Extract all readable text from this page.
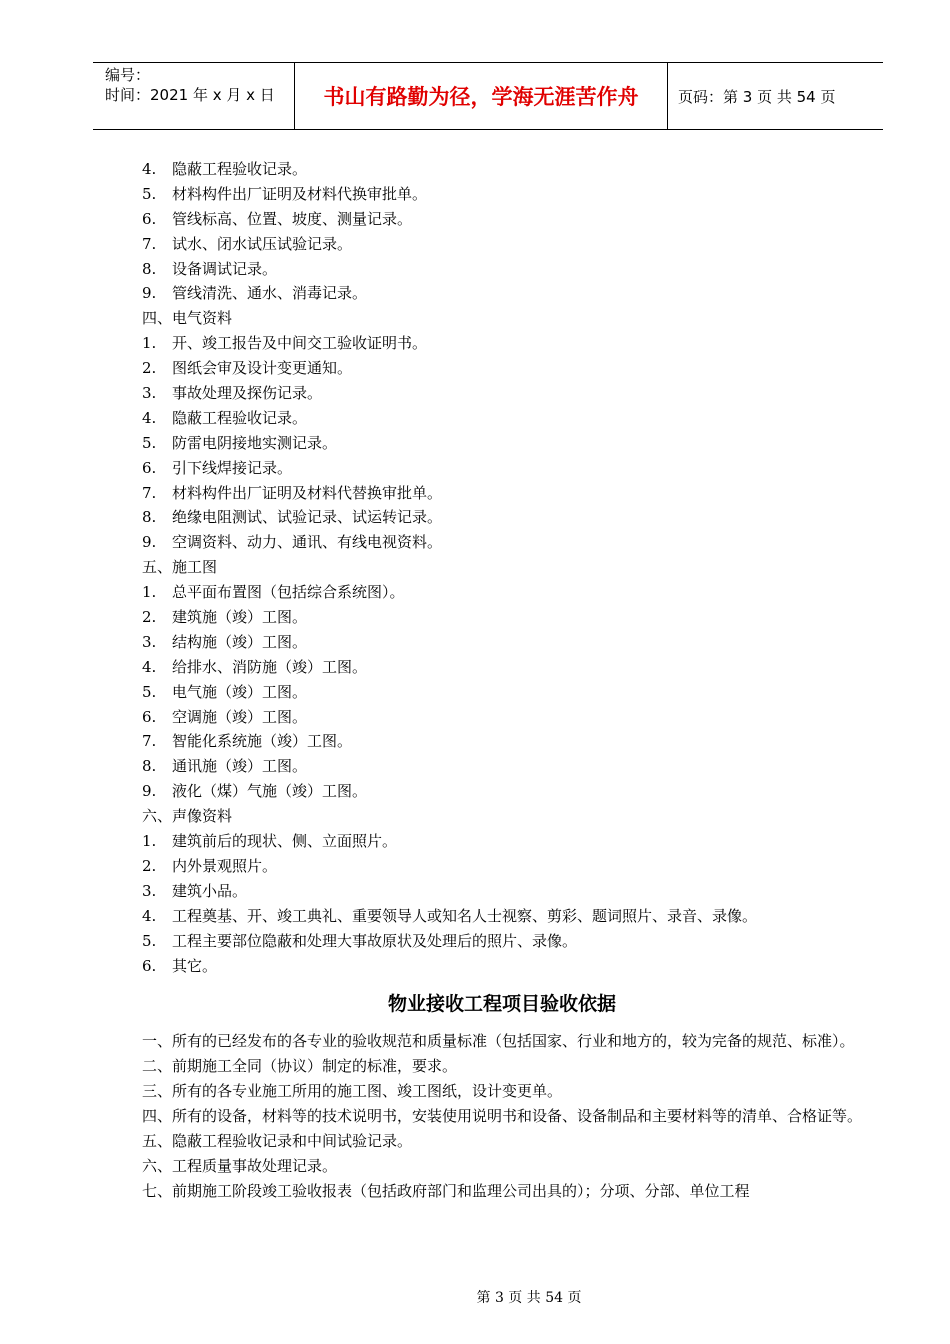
编号：
时间：2021 年 x 月 x 日	书山有路勤为径，学海无涯苦作舟	页码：第 3 页 共 54 页
4. 隐蔽工程验收记录。
5. 材料构件出厂证明及材料代换审批单。
6. 管线标高、位置、坡度、测量记录。
7. 试水、闭水试压试验记录。
8. 设备调试记录。
9. 管线清洗、通水、消毒记录。
四、电气资料
1. 开、竣工报告及中间交工验收证明书。
2. 图纸会审及设计变更通知。
3. 事故处理及探伤记录。
4. 隐蔽工程验收记录。
5. 防雷电阴接地实测记录。
6. 引下线焊接记录。
7. 材料构件出厂证明及材料代替换审批单。
8. 绝缘电阻测试、试验记录、试运转记录。
9. 空调资料、动力、通讯、有线电视资料。
五、施工图
1. 总平面布置图（包括综合系统图）。
2. 建筑施（竣）工图。
3. 结构施（竣）工图。
4. 给排水、消防施（竣）工图。
5. 电气施（竣）工图。
6. 空调施（竣）工图。
7. 智能化系统施（竣）工图。
8. 通讯施（竣）工图。
9. 液化（煤）气施（竣）工图。
六、声像资料
1. 建筑前后的现状、侧、立面照片。
2. 内外景观照片。
3. 建筑小品。
4. 工程奠基、开、竣工典礼、重要领导人或知名人士视察、剪彩、题词照片、录音、录像。
5. 工程主要部位隐蔽和处理大事故原状及处理后的照片、录像。
6. 其它。
物业接收工程项目验收依据
一、所有的已经发布的各专业的验收规范和质量标准（包括国家、行业和地方的，较为完备的规范、标准）。
二、前期施工全同（协议）制定的标准，要求。
三、所有的各专业施工所用的施工图、竣工图纸，设计变更单。
四、所有的设备，材料等的技术说明书，安装使用说明书和设备、设备制品和主要材料等的清单、合格证等。
五、隐蔽工程验收记录和中间试验记录。
六、工程质量事故处理记录。
七、前期施工阶段竣工验收报表（包括政府部门和监理公司出具的）；分项、分部、单位工程
第 3 页 共 54 页
